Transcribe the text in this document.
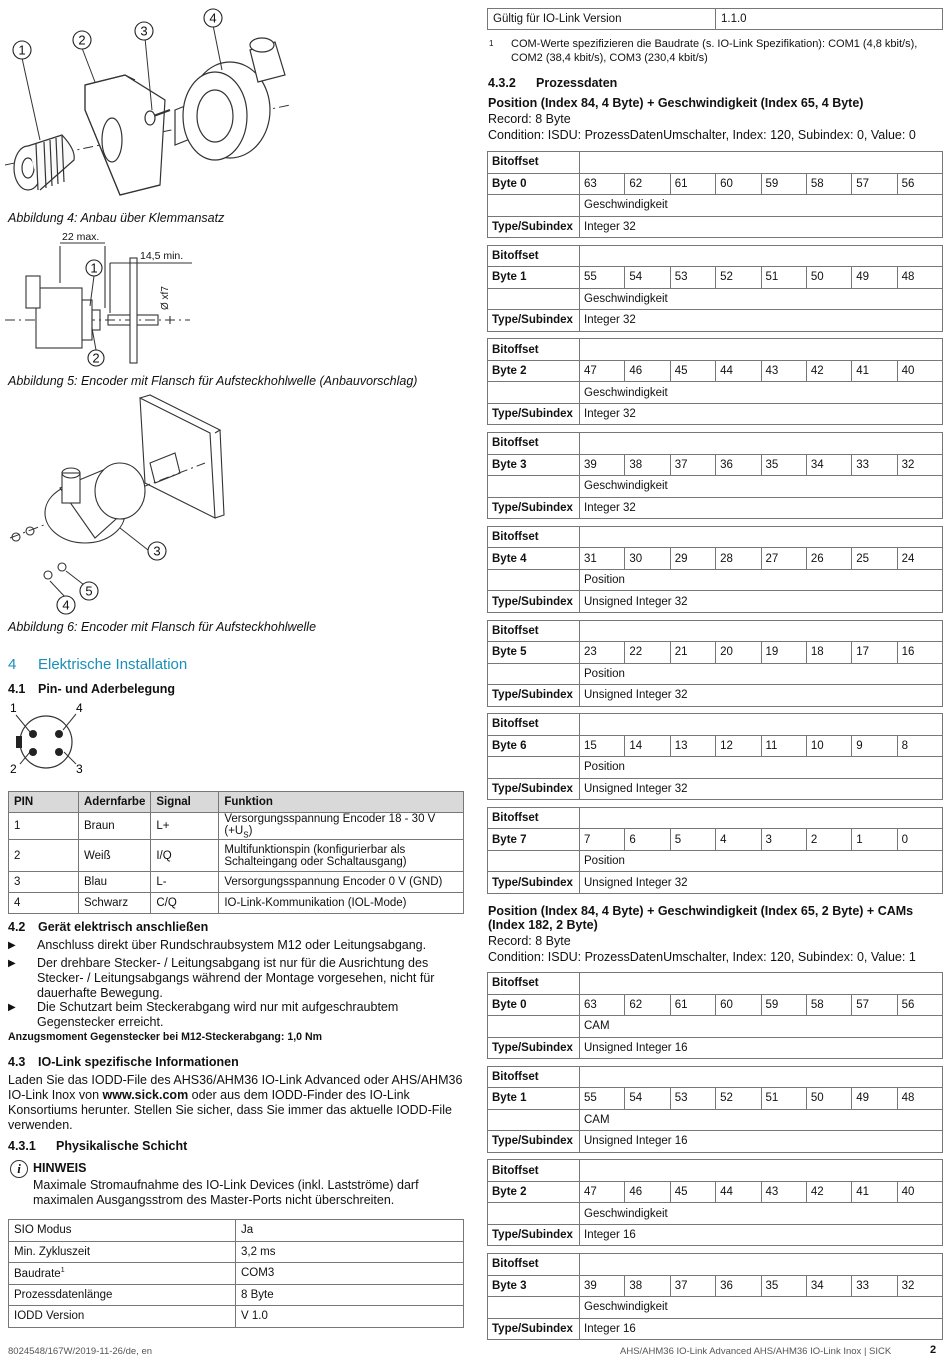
1
2
3
4
Abbildung 4: Anbau über Klemmansatz
22 max.
14,5 min.
Ø xf7
1
2
Abbildung 5: Encoder mit Flansch für Aufsteckhohlwelle (Anbauvorschlag)
3
4
5
Abbildung 6: Encoder mit Flansch für Aufsteckhohlwelle
4 Elektrische Installation
4.1 Pin- und Aderbelegung
1	4
2	3
PIN	Adernfarbe	Signal	Funktion
1	Braun	L+	Versorgungsspannung Encoder 18 - 30 V $(+U_S)$
2	Weiß	I/Q	Multifunktionspin (konfigurierbar als Schalteingang oder Schaltausgang)
3	Blau	L-	Versorgungsspannung Encoder 0 V (GND)
4	Schwarz	C/Q	IO-Link-Kommunikation (IOL-Mode)
4.2 Gerät elektrisch anschließen
▶	Anschluss direkt über Rundschraubsystem M12 oder Leitungsabgang.
▶	Der drehbare Stecker- / Leitungsabgang ist nur für die Ausrichtung des Stecker- / Leitungsabgangs während der Montage vorgesehen, nicht für dauerhafte Bewegung.
▶	Die Schutzart beim Steckerabgang wird nur mit aufgeschraubtem Gegenstecker erreicht.
Anzugsmoment Gegenstecker bei M12-Steckerabgang: 1,0 Nm
4.3 IO-Link spezifische Informationen
Laden Sie das IODD-File des AHS36/AHM36 IO-Link Advanced oder AHS/AHM36 IO-Link Inox von www.sick.com oder aus dem IODD-Finder des IO-Link Konsortiums herunter. Stellen Sie sicher, dass Sie immer das aktuelle IODD-File verwenden.
4.3.1 Physikalische Schicht
i HINWEIS
Maximale Stromaufnahme des IO-Link Devices (inkl. Lastströme) darf maximalen Ausgangsstrom des Master-Ports nicht überschreiten.
SIO Modus	Ja
Min. Zykluszeit	3,2 ms
Baudrate$^1$	COM3
Prozessdatenlänge	8 Byte
IODD Version	V 1.0
Gültig für IO-Link Version	1.1.0
1	COM-Werte spezifizieren die Baudrate (s. IO-Link Spezifikation): COM1 (4,8 kbit/s), COM2 (38,4 kbit/s), COM3 (230,4 kbit/s)
4.3.2 Prozessdaten
Position (Index 84, 4 Byte) + Geschwindigkeit (Index 65, 4 Byte)
Record: 8 Byte
Condition: ISDU: ProzessDatenUmschalter, Index: 120, Subindex: 0, Value: 0
Bitoffset								
Byte 0	63	62	61	60	59	58	57	56
	Geschwindigkeit							
Type/Subindex	Integer 32							
Bitoffset								
Byte 1	55	54	53	52	51	50	49	48
	Geschwindigkeit							
Type/Subindex	Integer 32							
Bitoffset								
Byte 2	47	46	45	44	43	42	41	40
	Geschwindigkeit							
Type/Subindex	Integer 32							
Bitoffset								
Byte 3	39	38	37	36	35	34	33	32
	Geschwindigkeit							
Type/Subindex	Integer 32							
Bitoffset								
Byte 4	31	30	29	28	27	26	25	24
	Position							
Type/Subindex	Unsigned Integer 32							
Bitoffset								
Byte 5	23	22	21	20	19	18	17	16
	Position							
Type/Subindex	Unsigned Integer 32							
Bitoffset								
Byte 6	15	14	13	12	11	10	9	8
	Position							
Type/Subindex	Unsigned Integer 32							
Bitoffset								
Byte 7	7	6	5	4	3	2	1	0
	Position							
Type/Subindex	Unsigned Integer 32							
Position (Index 84, 4 Byte) + Geschwindigkeit (Index 65, 2 Byte) + CAMs
(Index 182, 2 Byte)
Record: 8 Byte
Condition: ISDU: ProzessDatenUmschalter, Index: 120, Subindex: 0, Value: 1
Bitoffset								
Byte 0	63	62	61	60	59	58	57	56
	CAM							
Type/Subindex	Unsigned Integer 16							
Bitoffset								
Byte 1	55	54	53	52	51	50	49	48
	CAM							
Type/Subindex	Unsigned Integer 16							
Bitoffset								
Byte 2	47	46	45	44	43	42	41	40
	Geschwindigkeit							
Type/Subindex	Integer 16							
Bitoffset								
Byte 3	39	38	37	36	35	34	33	32
	Geschwindigkeit							
Type/Subindex	Integer 16							
8024548/167W/2019-11-26/de, en	AHS/AHM36 IO-Link Advanced AHS/AHM36 IO-Link Inox | SICK	2
